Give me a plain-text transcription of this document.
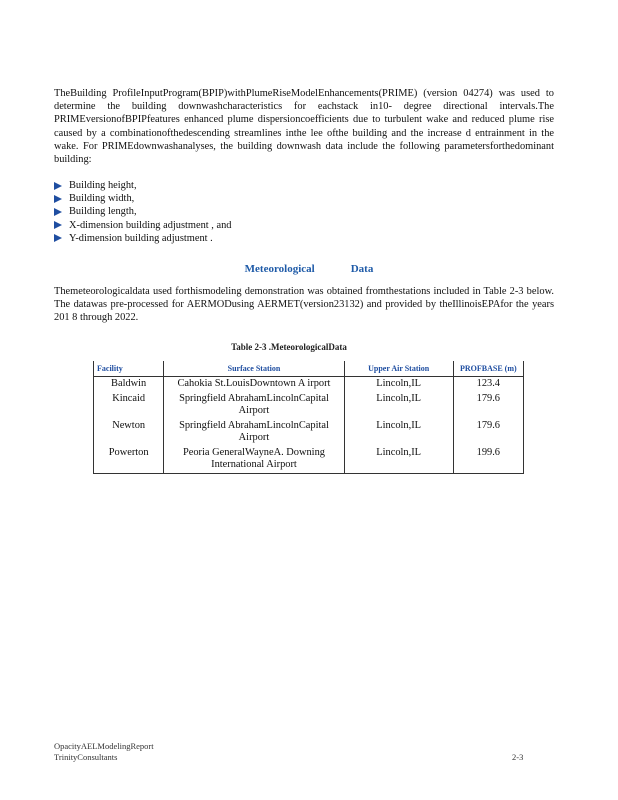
TheBuilding ProfileInputProgram(BPIP)withPlumeRiseModelEnhancements(PRIME) (version 04274) was used to determine the building downwashcharacteristics for eachstack in10- degree directional intervals.The PRIMEversionofBPIPfeatures enhanced plume dispersioncoefficients due to turbulent wake and reduced plume rise caused by a combinationofthedescending streamlines inthe lee ofthe building and the increase d entrainment in the wake. For PRIMEdownwashanalyses, the building downwash data include the following parametersforthedominant building:

Building height,
Building width,
Building length,
X-dimension building adjustment , and
Y-dimension building adjustment .
Meteorological	Data

Themeteorologicaldata used forthismodeling demonstration was obtained fromthestations included in Table 2-3 below. The datawas pre-processed for AERMODusing AERMET(version23132) and provided by theIllinoisEPAfor the years 201 8 through 2022.

Table 2-3 .MeteorologicalData
Facility	Surface Station	Upper Air Station	PROFBASE (m)
Baldwin	Cahokia St.LouisDowntown A irport	Lincoln,IL	123.4
Kincaid	Springfield AbrahamLincolnCapital Airport	Lincoln,IL	179.6
Newton	Springfield AbrahamLincolnCapital Airport	Lincoln,IL	179.6
Powerton	Peoria GeneralWayneA. Downing International Airport	Lincoln,IL	199.6
OpacityAELModelingReport
TrinityConsultants	2-3
